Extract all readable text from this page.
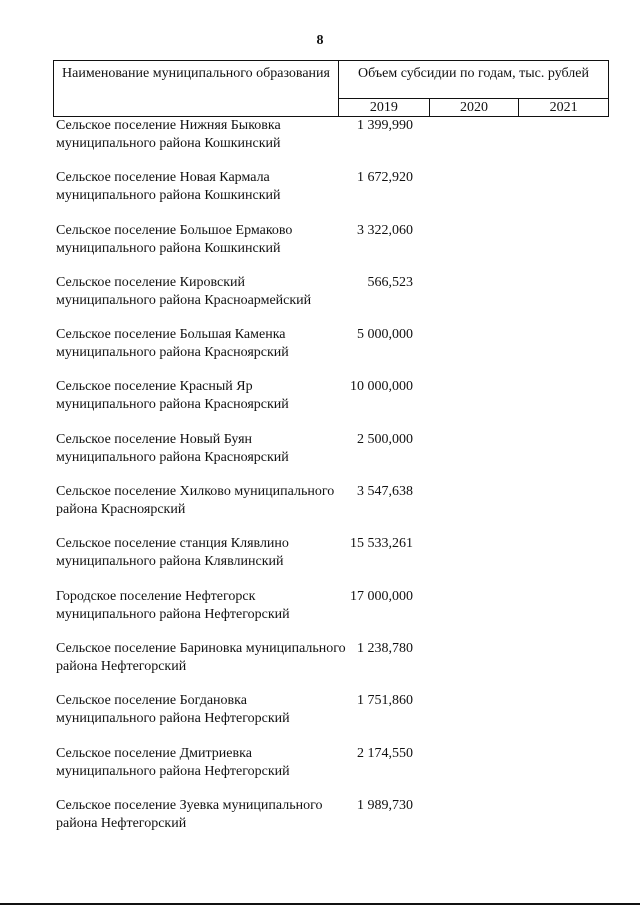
8
Наименование муниципального образования	Объем субсидии по годам, тыс. рублей
2019	2020	2021
Сельское поселение Нижняя Быковка муниципального района Кошкинский
1 399,990
Сельское поселение Новая Кармала муниципального района Кошкинский
1 672,920
Сельское поселение Большое Ермаково муниципального района Кошкинский
3 322,060
Сельское поселение Кировский муниципального района Красноармейский
566,523
Сельское поселение Большая Каменка муниципального района Красноярский
5 000,000
Сельское поселение Красный Яр муниципального района Красноярский
10 000,000
Сельское поселение Новый Буян муниципального района Красноярский
2 500,000
Сельское поселение Хилково муниципального района Красноярский
3 547,638
Сельское поселение станция Клявлино муниципального района Клявлинский
15 533,261
Городское поселение Нефтегорск муниципального района Нефтегорский
17 000,000
Сельское поселение Бариновка муниципального района Нефтегорский
1 238,780
Сельское поселение Богдановка муниципального района Нефтегорский
1 751,860
Сельское поселение Дмитриевка муниципального района Нефтегорский
2 174,550
Сельское поселение Зуевка муниципального района Нефтегорский
1 989,730
